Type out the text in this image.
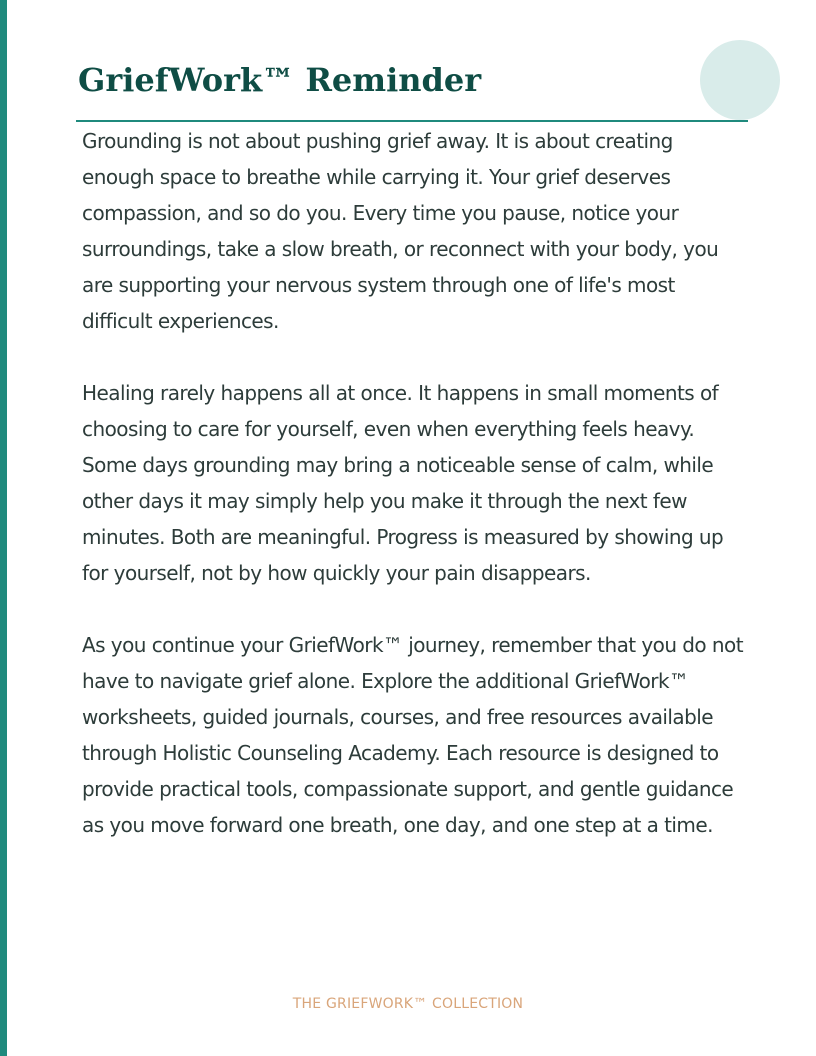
GriefWork™ Reminder

Grounding is not about pushing grief away. It is about creating enough space to breathe while carrying it. Your grief deserves compassion, and so do you. Every time you pause, notice your surroundings, take a slow breath, or reconnect with your body, you are supporting your nervous system through one of life's most difficult experiences.

Healing rarely happens all at once. It happens in small moments of choosing to care for yourself, even when everything feels heavy. Some days grounding may bring a noticeable sense of calm, while other days it may simply help you make it through the next few minutes. Both are meaningful. Progress is measured by showing up for yourself, not by how quickly your pain disappears.

As you continue your GriefWork™ journey, remember that you do not have to navigate grief alone. Explore the additional GriefWork™ worksheets, guided journals, courses, and free resources available through Holistic Counseling Academy. Each resource is designed to provide practical tools, compassionate support, and gentle guidance as you move forward one breath, one day, and one step at a time.

THE GRIEFWORK™ COLLECTION
